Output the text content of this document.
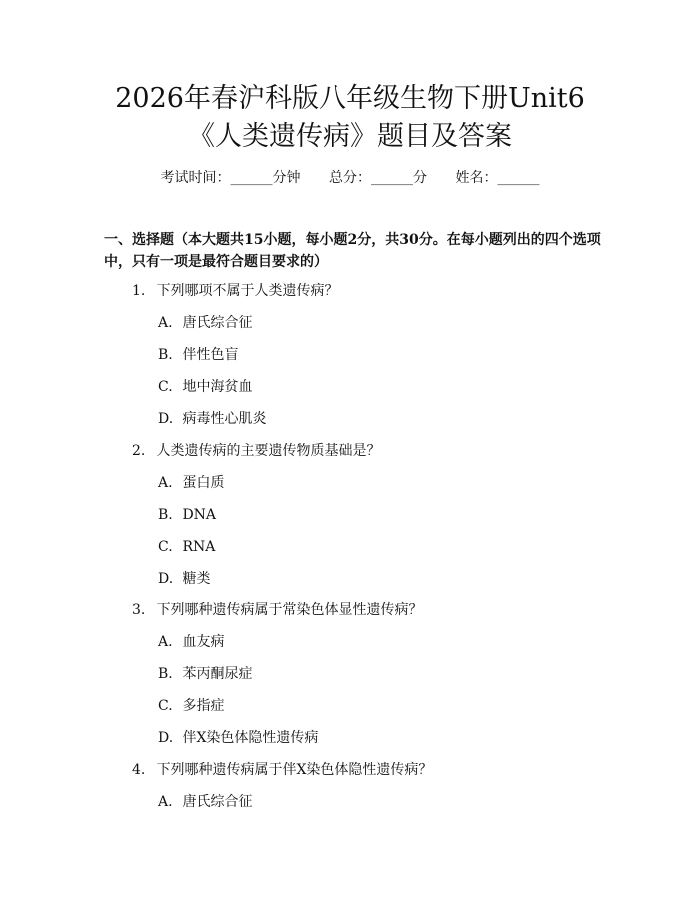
2026年春沪科版八年级生物下册Unit6《人类遗传病》题目及答案
考试时间：______分钟 总分：______分 姓名：______

一、选择题（本大题共15小题，每小题2分，共30分。在每小题列出的四个选项中，只有一项是最符合题目要求的）

1. 下列哪项不属于人类遗传病？
A. 唐氏综合征
B. 伴性色盲
C. 地中海贫血
D. 病毒性心肌炎
2. 人类遗传病的主要遗传物质基础是？
A. 蛋白质
B. DNA
C. RNA
D. 糖类
3. 下列哪种遗传病属于常染色体显性遗传病？
A. 血友病
B. 苯丙酮尿症
C. 多指症
D. 伴X染色体隐性遗传病
4. 下列哪种遗传病属于伴X染色体隐性遗传病？
A. 唐氏综合征
